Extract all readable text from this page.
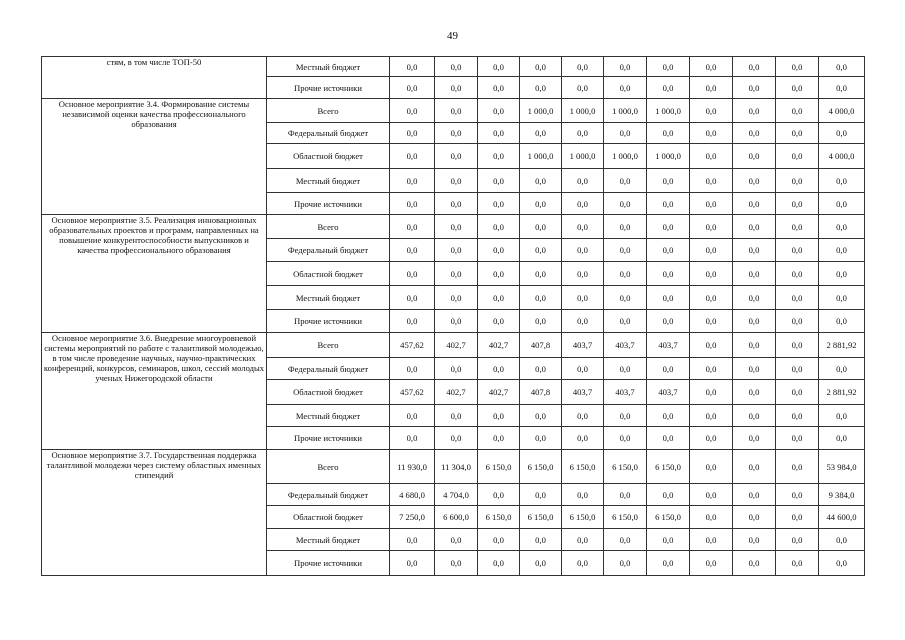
49
стям, в том числе ТОП-50	Местный бюджет	0,0	0,0	0,0	0,0	0,0	0,0	0,0	0,0	0,0	0,0	0,0
	Прочие источники	0,0	0,0	0,0	0,0	0,0	0,0	0,0	0,0	0,0	0,0	0,0
Основное мероприятие 3.4. Формирование системы независимой оценки качества профессионального образования	Всего	0,0	0,0	0,0	1 000,0	1 000,0	1 000,0	1 000,0	0,0	0,0	0,0	4 000,0
	Федеральный бюджет	0,0	0,0	0,0	0,0	0,0	0,0	0,0	0,0	0,0	0,0	0,0
	Областной бюджет	0,0	0,0	0,0	1 000,0	1 000,0	1 000,0	1 000,0	0,0	0,0	0,0	4 000,0
	Местный бюджет	0,0	0,0	0,0	0,0	0,0	0,0	0,0	0,0	0,0	0,0	0,0
	Прочие источники	0,0	0,0	0,0	0,0	0,0	0,0	0,0	0,0	0,0	0,0	0,0
Основное мероприятие 3.5. Реализация инновационных образовательных проектов и программ, направленных на повышение конкурентоспособности выпускников и качества профессионального образования	Всего	0,0	0,0	0,0	0,0	0,0	0,0	0,0	0,0	0,0	0,0	0,0
	Федеральный бюджет	0,0	0,0	0,0	0,0	0,0	0,0	0,0	0,0	0,0	0,0	0,0
	Областной бюджет	0,0	0,0	0,0	0,0	0,0	0,0	0,0	0,0	0,0	0,0	0,0
	Местный бюджет	0,0	0,0	0,0	0,0	0,0	0,0	0,0	0,0	0,0	0,0	0,0
	Прочие источники	0,0	0,0	0,0	0,0	0,0	0,0	0,0	0,0	0,0	0,0	0,0
Основное мероприятие 3.6. Внедрение многоуровневой системы мероприятий по работе с талантливой молодежью, в том числе проведение научных, научно-практических конференций, конкурсов, семинаров, школ, сессий молодых ученых Нижегородской области	Всего	457,62	402,7	402,7	407,8	403,7	403,7	403,7	0,0	0,0	0,0	2 881,92
	Федеральный бюджет	0,0	0,0	0,0	0,0	0,0	0,0	0,0	0,0	0,0	0,0	0,0
	Областной бюджет	457,62	402,7	402,7	407,8	403,7	403,7	403,7	0,0	0,0	0,0	2 881,92
	Местный бюджет	0,0	0,0	0,0	0,0	0,0	0,0	0,0	0,0	0,0	0,0	0,0
	Прочие источники	0,0	0,0	0,0	0,0	0,0	0,0	0,0	0,0	0,0	0,0	0,0
Основное мероприятие 3.7. Государственная поддержка талантливой молодежи через систему областных именных стипендий	Всего	11 930,0	11 304,0	6 150,0	6 150,0	6 150,0	6 150,0	6 150,0	0,0	0,0	0,0	53 984,0
	Федеральный бюджет	4 680,0	4 704,0	0,0	0,0	0,0	0,0	0,0	0,0	0,0	0,0	9 384,0
	Областной бюджет	7 250,0	6 600,0	6 150,0	6 150,0	6 150,0	6 150,0	6 150,0	0,0	0,0	0,0	44 600,0
	Местный бюджет	0,0	0,0	0,0	0,0	0,0	0,0	0,0	0,0	0,0	0,0	0,0
	Прочие источники	0,0	0,0	0,0	0,0	0,0	0,0	0,0	0,0	0,0	0,0	0,0
